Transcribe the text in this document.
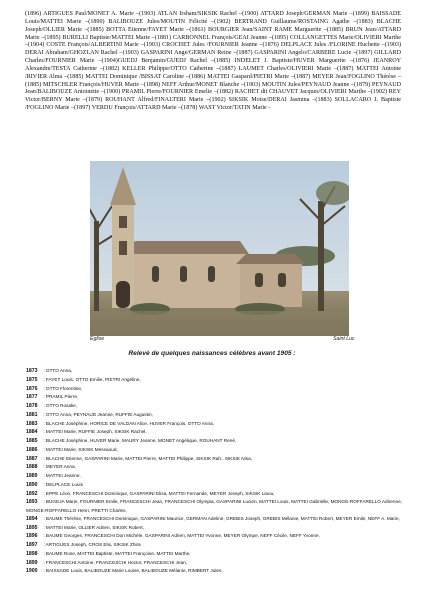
(1896) ARTIGUES Paul/MONET A. Marie –(1903) ATLAN Irsham/SIKSIK Rachel –(1900) ATTARD Joseph/GERMAN Marie –(1899) BAISSADE Louis/MATTEI Marie –(1890) BALIBOUZE Jules/MOUTIN Félicité –(1902) BERTRAND Guillaume/ROSTAING Agathe –(1883) BLACHE Joseph/OLLIER Marie –(1885) BOTTA Etienne/FAYET Marie –(1861) BOURGIER Jean/SAINT RAME Marguerite –(1885) BRUN Jean/ATTARD Marie –(1895) BURELLI Baptiste/MATTEI Marie –(1881) CARBONNEL François/GEAI Jeanne –(1895) COLLANGETTES Marie/OLIVIERI Marthe –(1904) COSTE François/ALBERTINI Marie –(1903) CROCHET Jules /FOURNIER Jeanne –(1876) DELPLACE Jules /FLORINE Huchette –(1903) DERAI Abraham/GHOZLAN Rachel –(1903) GASPARINI Ange/GERMAN Reine –(1887) GASPARINI Angelo/CARBERE Lucie –(1897) GILLARD Charles/FOURNIER Marie –(1904)GUEDJ Benjamin/GUEDJ Rachel –(1885) INDELET J. Baptiste/HUVER Marguerite –(1876) JEANROY Alexandre/TESTA Catherine –(1882) KELLER Philippe/OTTO Catherine –(1887) LAUMET Charles/OLIVIERI Marie –(1887) MATTEI Antoine /RIVIER Alma –(1885) MATTEI Dominique /BISSAT Caroline –(1886) MATTEI Gaspard/PIETRI Marie –(1887) MEYER Jean/FOGLINO Thérèse –(1885) MITSCHLER François/HUVER Marie –(1898) NEFF Arthur/MONET Blanche –(1903) MOUTIN Jules/PEYNAUD Jeanne –(1879) PEYNAUD Jean/BALIBOUZE Antoinette –(1900) PRAMIL Pierre/FOURNIER Emelie –(1882) RACHET dit CHAUVET Jacques/OLIVIERI Marthe –(1902) REY Victor/BERNY Marie –(1879) ROUHANT Alfred/FINALTERI Marie –(1902) SIKSIK Moise/DERAI Jasmina –(1883) SOLLACARO J. Baptiste /FOGLINO Marie –(1897) VERDU François/ATTARD Marie –(1878) WAST Victor/TATIN Marie -
Eglise	Saint Luc
Relevé de quelques naissances célèbres avant 1905 :
1873 : OTTO Anna,
1875 : FAYET Louis, OTTO Emilie, PIETRI Angéline,
1876 : OTTO Florentine,
1877 : PRAMIL Pierre,
1878 : OTTO Rosalie,
1881 : OTTO Anna, PEYNAUD Jeanne, RUFFIE Augustin,
1883 : BLACHE Joséphine, HORICE DE VALDAN Alice, HUVER François, OTTO Anna,
1884 : MATTEI Marie, RUFFIE Joseph, SIKSIK Rachel,
1885 : BLACHE Joséphine, HUVER Marie, MAURY Jeanne, MONET Angélique, ROUHANT René,
1886 : MATTEI Marie, SIKSIK Messaoud,
1887 : BLACHE Etienne, GASPARINI Marie, MATTEI Pierre, MATTEI Philippe, SIKSIK Rah., SIKSIK Nisa,
1888 : MEYER Anna,
1889 : MATTEI Jeanne,
1890 : DELPLACE Louis
1892 : EPPE Léon, FRANCESCHI Dominique, GASPARINI Elisa, MATTEI Fernande, MEYER Joseph, SIKSIK Liaou,
1893 : BUGEJA Marie, FOURNIER Emile, FRANCESCHI Jean, FRANCESCHI Olympia, GASPARINI Lucien, MATTEI Louis, MATTEI Gabrielle, MONGE-ROFFARELLO Adrienne, MONGE-ROFFARELLO Henri, PRETTI Charles,
1894 : BAUME Thérèse, FRANCESCHI Dominique, GASPARINI Maurice, GERMAN Adeline, GREBIS Joseph, GREBIS Mélanie, MATTEI Robert, MEYER Emile, NEFF A. Marie,
1895 : MATTEI Marie, OLLIER Adrien, SIKSIK Robert,
1896 : BAUME Georges, FRANCESCHI Don Michèle, GASPARINI Adrien, MATTEI Yvonne, MEYER Olympe, NEFF Cécile, NEFF Yvonne,
1897 : ARTIGUES Joseph, CROS Elsi, SIKSIK Zhira
1898 : BAUME Rose, MATTEI Baptiste, MATTEI Françoise, MATTEI Marthe,
1899 : FRANCESCHI Antoine, FRANCESCHI Hector, FRANCESCHI Jean,
1900 : BAISSADE Louis, BALIBOUZE Marie Louise, BALIBOUZE Mélanie, RIMBERT Jules,
